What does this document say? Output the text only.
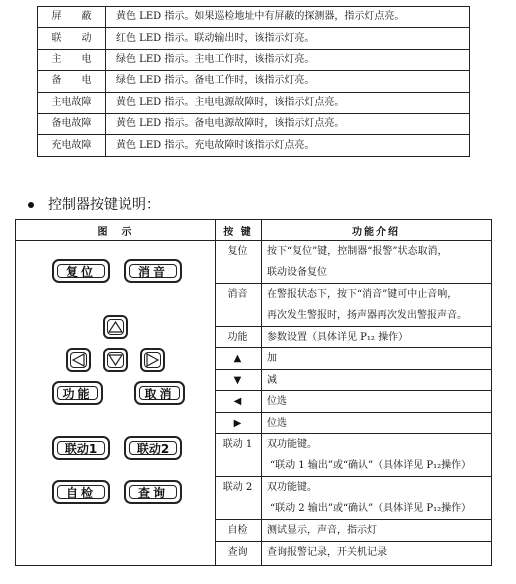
屏　　蔽	黄色 LED 指示。如果巡检地址中有屏蔽的探测器，指示灯点亮。
联　　动	红色 LED 指示。联动输出时，该指示灯亮。
主　　电	绿色 LED 指示。主电工作时，该指示灯亮。
备　　电	绿色 LED 指示。备电工作时，该指示灯亮。
主电故障	黄色 LED 指示。主电电源故障时，该指示灯点亮。
备电故障	黄色 LED 指示。备电电源故障时，该指示灯点亮。
充电故障	黄色 LED 指示。充电故障时该指示灯点亮。
控制器按键说明：
图　示	按 键	功能介绍
复位	按下“复位”键，控制器“报警”状态取消，
联动设备复位
消音	在警报状态下，按下“消音”键可中止音响，
再次发生警报时，扬声器再次发出警报声音。
功能	参数设置（具体详见 P₁₂ 操作）
▲	加
▼	减
◀	位选
▶	位选
联动 1	双功能键。
“联动 1 输出”或“确认”（具体详见 P₁₂操作）
联动 2	双功能键。
“联动 2 输出”或“确认”（具体详见 P₁₂操作）
自检	测试显示，声音，指示灯
查询	查询报警记录，开关机记录
复位	消音
功能	取消
联动1	联动2
自检	查询
